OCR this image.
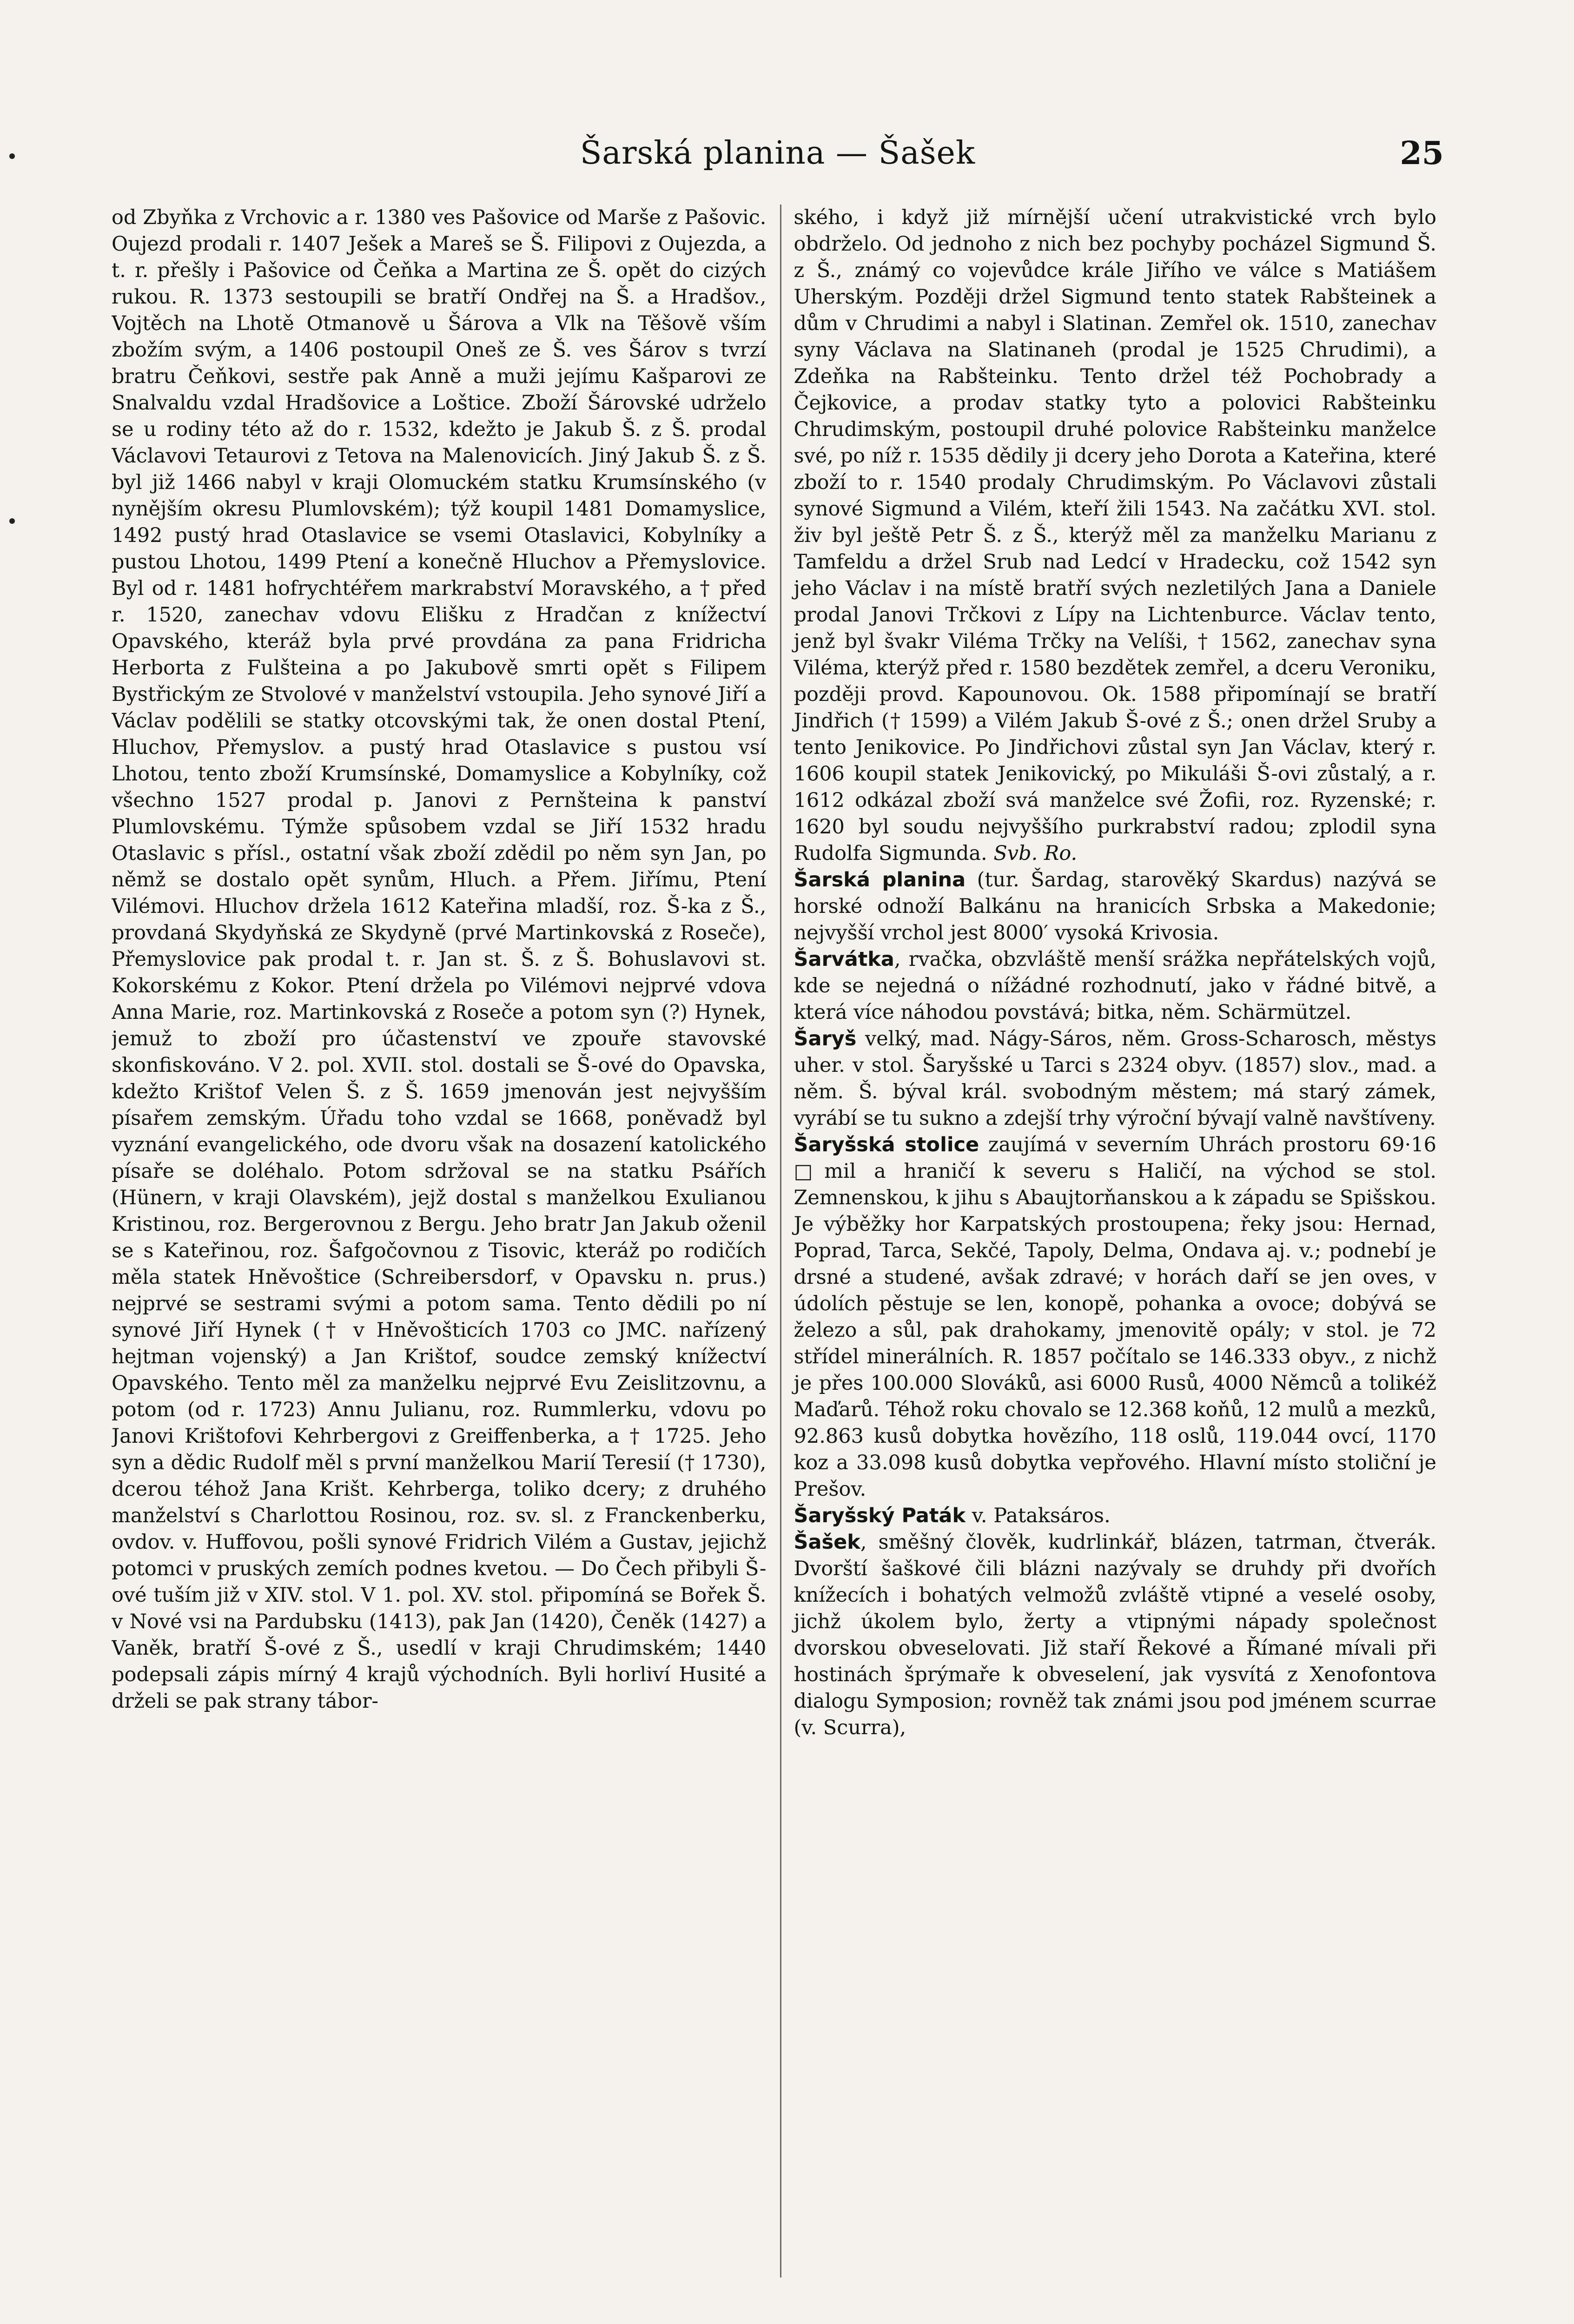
Šarská planina — Šašek	25

od Zbyňka z Vrchovic a r. 1380 ves Pašovice od Marše z Pašovic. Oujezd prodali r. 1407 Ješek a Mareš se Š. Filipovi z Oujezda, a t. r. přešly i Pašovice od Čeňka a Martina ze Š. opět do cizých rukou. R. 1373 sestoupili se bratří Ondřej na Š. a Hradšov., Vojtěch na Lhotě Otmanově u Šárova a Vlk na Těšově vším zbožím svým, a 1406 postoupil Oneš ze Š. ves Šárov s tvrzí bratru Čeňkovi, sestře pak Anně a muži jejímu Kašparovi ze Snalvaldu vzdal Hradšovice a Loštice. Zboží Šárovské udrželo se u rodiny této až do r. 1532, kdežto je Jakub Š. z Š. prodal Václavovi Tetaurovi z Tetova na Malenovicích. Jiný Jakub Š. z Š. byl již 1466 nabyl v kraji Olomuckém statku Krumsínského (v nynějším okresu Plumlovském); týž koupil 1481 Domamyslice, 1492 pustý hrad Otaslavice se vsemi Otaslavici, Kobylníky a pustou Lhotou, 1499 Ptení a konečně Hluchov a Přemyslovice. Byl od r. 1481 hofrychtéřem markrabství Moravského, a † před r. 1520, zanechav vdovu Elišku z Hradčan z knížectví Opavského, kteráž byla prvé provdána za pana Fridricha Herborta z Fulšteina a po Jakubově smrti opět s Filipem Bystřickým ze Stvolové v manželství vstoupila. Jeho synové Jiří a Václav podělili se statky otcovskými tak, že onen dostal Ptení, Hluchov, Přemyslov. a pustý hrad Otaslavice s pustou vsí Lhotou, tento zboží Krumsínské, Domamyslice a Kobylníky, což všechno 1527 prodal p. Janovi z Pernšteina k panství Plumlovskému. Týmže spůsobem vzdal se Jiří 1532 hradu Otaslavic s přísl., ostatní však zboží zdědil po něm syn Jan, po němž se dostalo opět synům, Hluch. a Přem. Jiřímu, Ptení Vilémovi. Hluchov držela 1612 Kateřina mladší, roz. Š-ka z Š., provdaná Skydyňská ze Skydyně (prvé Martinkovská z Roseče), Přemyslovice pak prodal t. r. Jan st. Š. z Š. Bohuslavovi st. Kokorskému z Kokor. Ptení držela po Vilémovi nejprvé vdova Anna Marie, roz. Martinkovská z Roseče a potom syn (?) Hynek, jemuž to zboží pro účastenství ve zpouře stavovské skonfiskováno. V 2. pol. XVII. stol. dostali se Š-ové do Opavska, kdežto Krištof Velen Š. z Š. 1659 jmenován jest nejvyšším písařem zemským. Úřadu toho vzdal se 1668, poněvadž byl vyznání evangelického, ode dvoru však na dosazení katolického písaře se doléhalo. Potom sdržoval se na statku Psářích (Hünern, v kraji Olavském), jejž dostal s manželkou Exulianou Kristinou, roz. Bergerovnou z Bergu. Jeho bratr Jan Jakub oženil se s Kateřinou, roz. Šafgočovnou z Tisovic, kteráž po rodičích měla statek Hněvoštice (Schreibersdorf, v Opavsku n. prus.) nejprvé se sestrami svými a potom sama. Tento dědili po ní synové Jiří Hynek († v Hněvošticích 1703 co JMC. nařízený hejtman vojenský) a Jan Krištof, soudce zemský knížectví Opavského. Tento měl za manželku nejprvé Evu Zeislitzovnu, a potom (od r. 1723) Annu Julianu, roz. Rummlerku, vdovu po Janovi Krištofovi Kehrbergovi z Greiffenberka, a † 1725. Jeho syn a dědic Rudolf měl s první manželkou Marií Teresií († 1730), dcerou téhož Jana Krišt. Kehrberga, toliko dcery; z druhého manželství s Charlottou Rosinou, roz. sv. sl. z Franckenberku, ovdov. v. Huffovou, pošli synové Fridrich Vilém a Gustav, jejichž potomci v pruských zemích podnes kvetou. — Do Čech přibyli Š-ové tuším již v XIV. stol. V 1. pol. XV. stol. připomíná se Bořek Š. v Nové vsi na Pardubsku (1413), pak Jan (1420), Čeněk (1427) a Vaněk, bratří Š-ové z Š., usedlí v kraji Chrudimském; 1440 podepsali zápis mírný 4 krajů východních. Byli horliví Husité a drželi se pak strany tábor-

ského, i když již mírnější učení utrakvistické vrch bylo obdrželo. Od jednoho z nich bez pochyby pocházel Sigmund Š. z Š., známý co vojevůdce krále Jiřího ve válce s Matiášem Uherským. Později držel Sigmund tento statek Rabšteinek a dům v Chrudimi a nabyl i Slatinan. Zemřel ok. 1510, zanechav syny Václava na Slatinaneh (prodal je 1525 Chrudimi), a Zdeňka na Rabšteinku. Tento držel též Pochobrady a Čejkovice, a prodav statky tyto a polovici Rabšteinku Chrudimským, postoupil druhé polovice Rabšteinku manželce své, po níž r. 1535 dědily ji dcery jeho Dorota a Kateřina, které zboží to r. 1540 prodaly Chrudimským. Po Václavovi zůstali synové Sigmund a Vilém, kteří žili 1543. Na začátku XVI. stol. živ byl ještě Petr Š. z Š., kterýž měl za manželku Marianu z Tamfeldu a držel Srub nad Ledcí v Hradecku, což 1542 syn jeho Václav i na místě bratří svých nezletilých Jana a Daniele prodal Janovi Trčkovi z Lípy na Lichtenburce. Václav tento, jenž byl švakr Viléma Trčky na Velíši, † 1562, zanechav syna Viléma, kterýž před r. 1580 bezdětek zemřel, a dceru Veroniku, později provd. Kapounovou. Ok. 1588 připomínají se bratří Jindřich († 1599) a Vilém Jakub Š-ové z Š.; onen držel Sruby a tento Jenikovice. Po Jindřichovi zůstal syn Jan Václav, který r. 1606 koupil statek Jenikovický, po Mikuláši Š-ovi zůstalý, a r. 1612 odkázal zboží svá manželce své Žofii, roz. Ryzenské; r. 1620 byl soudu nejvyššího purkrabství radou; zplodil syna Rudolfa Sigmunda. Svb. Ro.

Šarská planina (tur. Šardag, starověký Skardus) nazývá se horské odnoží Balkánu na hranicích Srbska a Makedonie; nejvyšší vrchol jest 8000′ vysoká Krivosia.

Šarvátka, rvačka, obzvláště menší srážka nepřátelských vojů, kde se nejedná o nížádné rozhodnutí, jako v řádné bitvě, a která více náhodou povstává; bitka, něm. Schärmützel.

Šaryš velký, mad. Nágy-Sáros, něm. Gross-Scharosch, městys uher. v stol. Šaryšské u Tarci s 2324 obyv. (1857) slov., mad. a něm. Š. býval král. svobodným městem; má starý zámek, vyrábí se tu sukno a zdejší trhy výroční bývají valně navštíveny.

Šaryšská stolice zaujímá v severním Uhrách prostoru 69·16 □mil a hraničí k severu s Haličí, na východ se stol. Zemnenskou, k jihu s Abaujtorňanskou a k západu se Spišskou. Je výběžky hor Karpatských prostoupena; řeky jsou: Hernad, Poprad, Tarca, Sekčé, Tapoly, Delma, Ondava aj. v.; podnebí je drsné a studené, avšak zdravé; v horách daří se jen oves, v údolích pěstuje se len, konopě, pohanka a ovoce; dobývá se železo a sůl, pak drahokamy, jmenovitě opály; v stol. je 72 střídel minerálních. R. 1857 počítalo se 146.333 obyv., z nichž je přes 100.000 Slováků, asi 6000 Rusů, 4000 Němců a tolikéž Maďarů. Téhož roku chovalo se 12.368 koňů, 12 mulů a mezků, 92.863 kusů dobytka hovězího, 118 oslů, 119.044 ovcí, 1170 koz a 33.098 kusů dobytka vepřového. Hlavní místo stoliční je Prešov.

Šaryšský Paták v. Pataksáros.

Šašek, směšný člověk, kudrlinkář, blázen, tatrman, čtverák. Dvorští šaškové čili blázni nazývaly se druhdy při dvořích knížecích i bohatých velmožů zvláště vtipné a veselé osoby, jichž úkolem bylo, žerty a vtipnými nápady společnost dvorskou obveselovati. Již staří Řekové a Římané mívali při hostinách šprýmaře k obveselení, jak vysvítá z Xenofontova dialogu Symposion; rovněž tak známi jsou pod jménem scurrae (v. Scurra),
